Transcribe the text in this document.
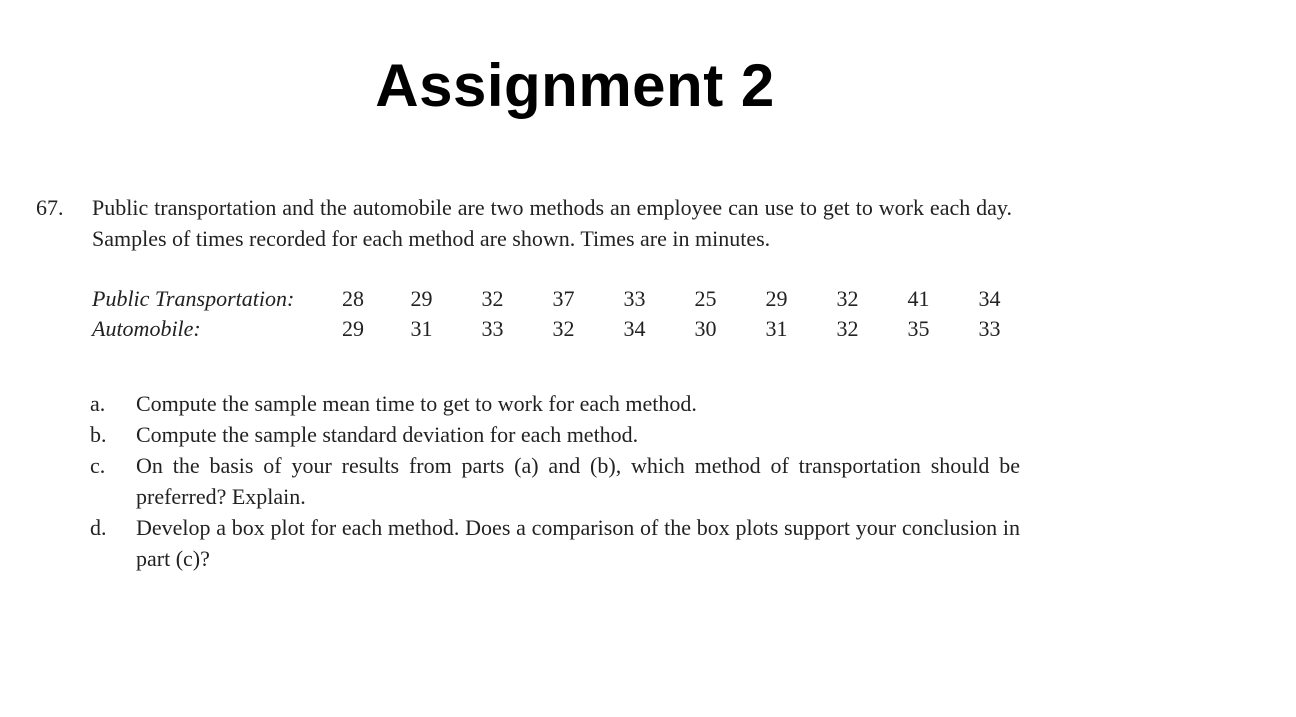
Assignment 2
67. Public transportation and the automobile are two methods an employee can use to get to work each day. Samples of times recorded for each method are shown. Times are in minutes.
Public Transportation:	28	29	32	37	33	25	29	32	41	34
Automobile:	29	31	33	32	34	30	31	32	35	33
a. Compute the sample mean time to get to work for each method.
b. Compute the sample standard deviation for each method.
c. On the basis of your results from parts (a) and (b), which method of transportation should be preferred? Explain.
d. Develop a box plot for each method. Does a comparison of the box plots support your conclusion in part (c)?
